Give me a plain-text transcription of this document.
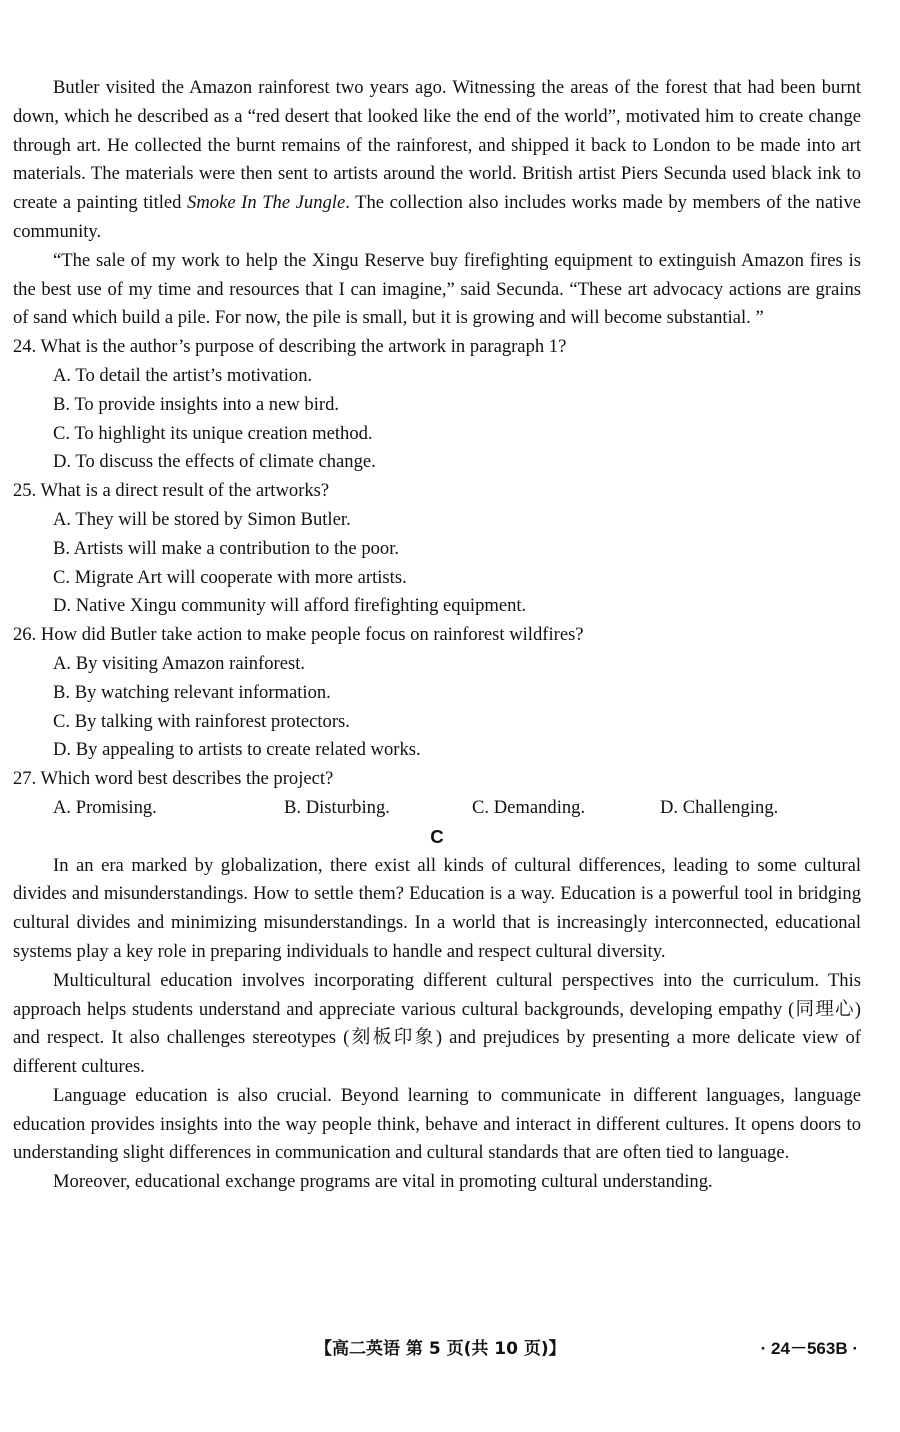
Butler visited the Amazon rainforest two years ago. Witnessing the areas of the forest that had been burnt down, which he described as a “red desert that looked like the end of the world”, motivated him to create change through art. He collected the burnt remains of the rainforest, and shipped it back to London to be made into art materials. The materials were then sent to artists around the world. British artist Piers Secunda used black ink to create a painting titled Smoke In The Jungle. The collection also includes works made by members of the native community.

“The sale of my work to help the Xingu Reserve buy firefighting equipment to extinguish Amazon fires is the best use of my time and resources that I can imagine,” said Secunda. “These art advocacy actions are grains of sand which build a pile. For now, the pile is small, but it is growing and will become substantial. ”

24. What is the author’s purpose of describing the artwork in paragraph 1?

A. To detail the artist’s motivation.

B. To provide insights into a new bird.

C. To highlight its unique creation method.

D. To discuss the effects of climate change.

25. What is a direct result of the artworks?

A. They will be stored by Simon Butler.

B. Artists will make a contribution to the poor.

C. Migrate Art will cooperate with more artists.

D. Native Xingu community will afford firefighting equipment.

26. How did Butler take action to make people focus on rainforest wildfires?

A. By visiting Amazon rainforest.

B. By watching relevant information.

C. By talking with rainforest protectors.

D. By appealing to artists to create related works.

27. Which word best describes the project?

A. Promising.	B. Disturbing.	C. Demanding.	D. Challenging.

C

In an era marked by globalization, there exist all kinds of cultural differences, leading to some cultural divides and misunderstandings. How to settle them? Education is a way. Education is a powerful tool in bridging cultural divides and minimizing misunderstandings. In a world that is increasingly interconnected, educational systems play a key role in preparing individuals to handle and respect cultural diversity.

Multicultural education involves incorporating different cultural perspectives into the curriculum. This approach helps students understand and appreciate various cultural backgrounds, developing empathy (同理心) and respect. It also challenges stereotypes (刻板印象) and prejudices by presenting a more delicate view of different cultures.

Language education is also crucial. Beyond learning to communicate in different languages, language education provides insights into the way people think, behave and interact in different cultures. It opens doors to understanding slight differences in communication and cultural standards that are often tied to language.

Moreover, educational exchange programs are vital in promoting cultural understanding.

【高二英语 第 5 页(共 10 页)】	· 24－563B ·
